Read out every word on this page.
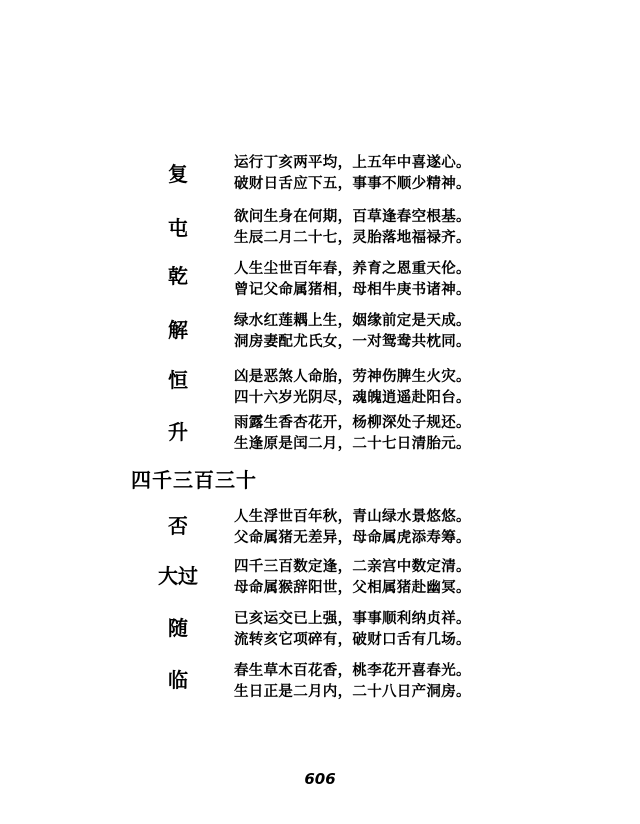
复	运行丁亥两平均，上五年中喜遂心。
破财日舌应下五，事事不顺少精神。
屯	欲问生身在何期，百草逢春空根基。
生辰二月二十七，灵胎落地福禄齐。
乾	人生尘世百年春，养育之恩重天伦。
曾记父命属猪相，母相牛庚书诸神。
解	绿水红莲耦上生，姻缘前定是天成。
洞房妻配尤氏女，一对鸳鸯共枕同。
恒	凶是恶煞人命胎，劳神伤脾生火灾。
四十六岁光阴尽，魂魄逍遥赴阳台。
升	雨露生香杏花开，杨柳深处子规还。
生逢原是闰二月，二十七日清胎元。
四千三百三十
否	人生浮世百年秋，青山绿水景悠悠。
父命属猪无差异，母命属虎添寿筹。
大过	四千三百数定逢，二亲宫中数定清。
母命属猴辞阳世，父相属猪赴幽冥。
随	已亥运交已上强，事事顺利纳贞祥。
流转亥它项碎有，破财口舌有几场。
临	春生草木百花香，桃李花开喜春光。
生日正是二月内，二十八日产洞房。
606
